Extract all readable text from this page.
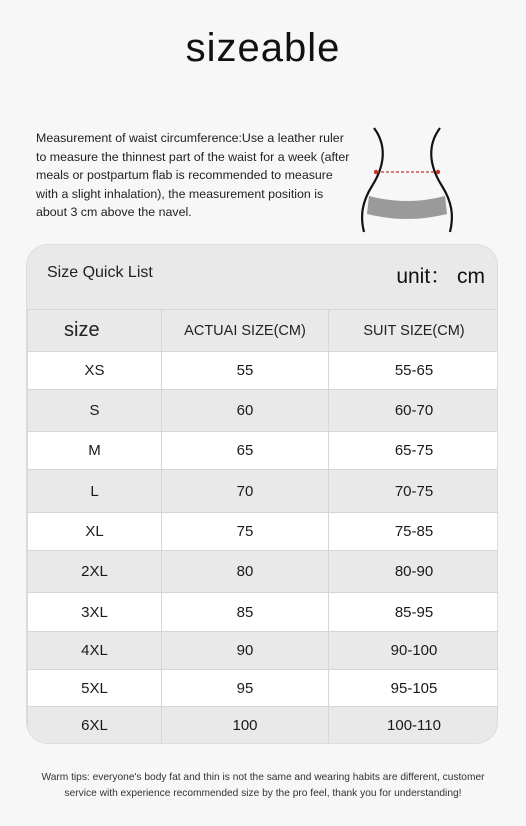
sizeable
Measurement of waist circumference:Use a leather ruler to measure the thinnest part of the waist for a week (after meals or postpartum flab is recommended to measure with a slight inhalation), the measurement position is about 3 cm above the navel.
Size Quick List	unit： cm
size	ACTUAI SIZE(CM)	SUIT SIZE(CM)
XS	55	55-65
S	60	60-70
M	65	65-75
L	70	70-75
XL	75	75-85
2XL	80	80-90
3XL	85	85-95
4XL	90	90-100
5XL	95	95-105
6XL	100	100-110
Warm tips: everyone's body fat and thin is not the same and wearing habits are different, customer
service with experience recommended size by the pro feel, thank you for understanding!
